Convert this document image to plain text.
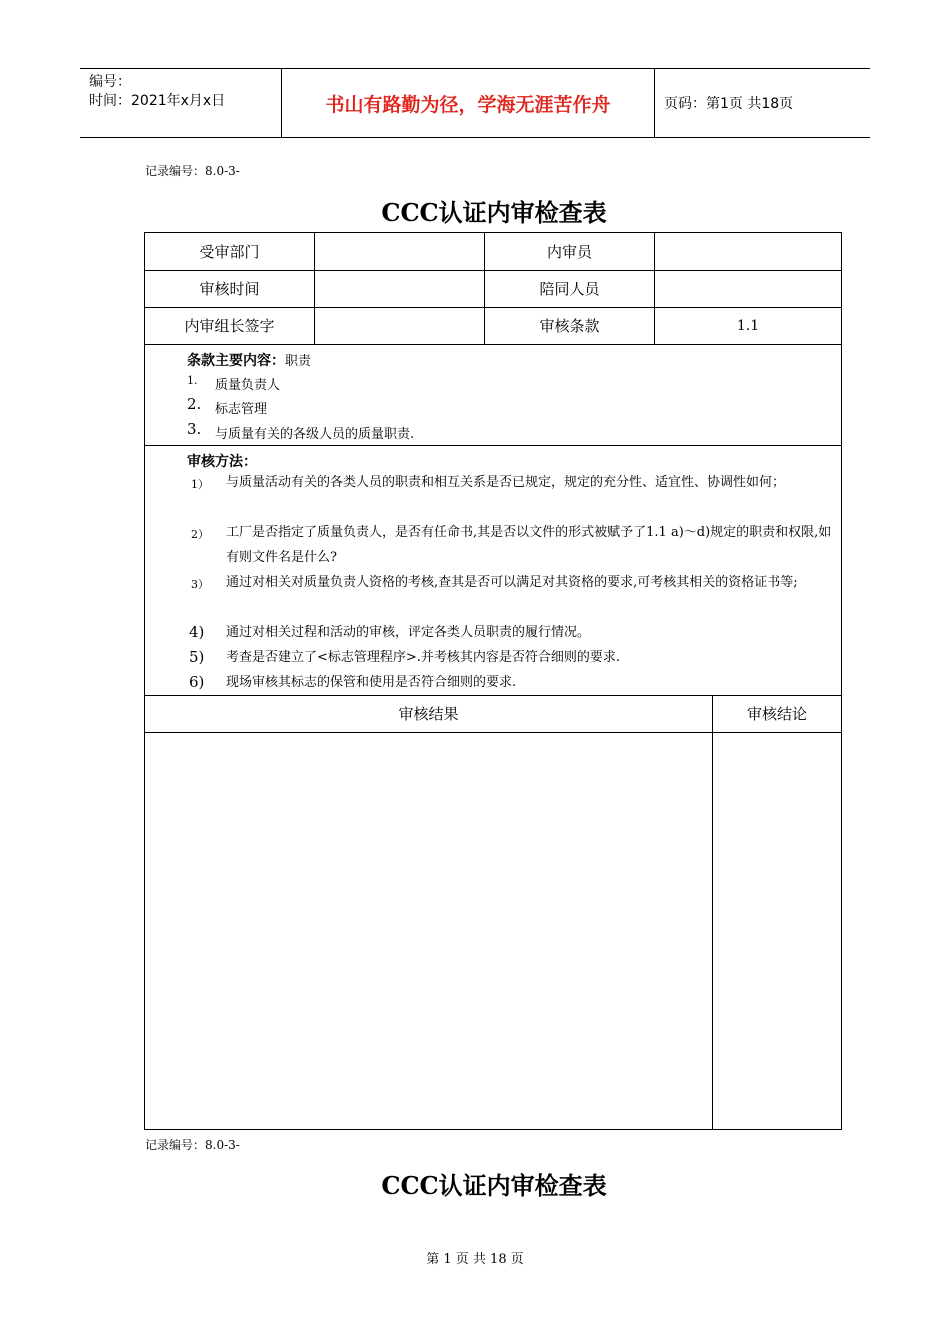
编号：
时间：2021年x月x日	书山有路勤为径，学海无涯苦作舟	页码：第1页 共18页
记录编号：8.0-3-
CCC认证内审检查表
受审部门	内审员
审核时间	陪同人员
内审组长签字	审核条款	1.1
条款主要内容：职责
1. 质量负责人
2. 标志管理
3. 与质量有关的各级人员的质量职责.
审核方法：
1） 与质量活动有关的各类人员的职责和相互关系是否已规定，规定的充分性、适宜性、协调性如何；
2） 工厂是否指定了质量负责人，是否有任命书,其是否以文件的形式被赋予了1.1 a)～d)规定的职责和权限,如有则文件名是什么?
3） 通过对相关对质量负责人资格的考核,查其是否可以满足对其资格的要求,可考核其相关的资格证书等;
4) 通过对相关过程和活动的审核，评定各类人员职责的履行情况。
5) 考查是否建立了<标志管理程序>.并考核其内容是否符合细则的要求.
6) 现场审核其标志的保管和使用是否符合细则的要求.
审核结果	审核结论
记录编号：8.0-3-
CCC认证内审检查表
第 1 页 共 18 页
